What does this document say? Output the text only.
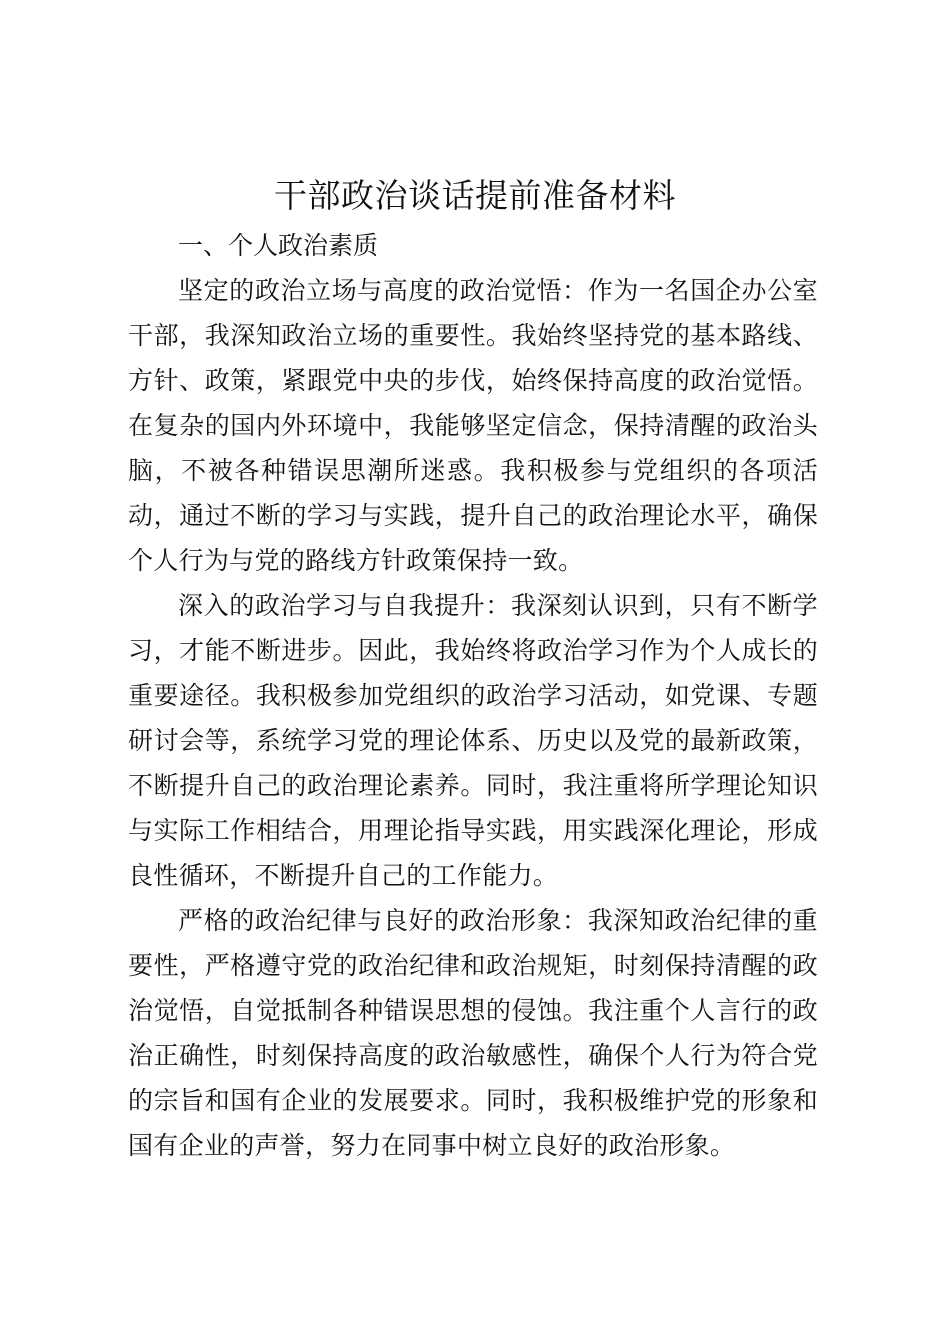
干部政治谈话提前准备材料

一、个人政治素质

坚定的政治立场与高度的政治觉悟：作为一名国企办公室干部，我深知政治立场的重要性。我始终坚持党的基本路线、方针、政策，紧跟党中央的步伐，始终保持高度的政治觉悟。在复杂的国内外环境中，我能够坚定信念，保持清醒的政治头脑，不被各种错误思潮所迷惑。我积极参与党组织的各项活动，通过不断的学习与实践，提升自己的政治理论水平，确保个人行为与党的路线方针政策保持一致。

深入的政治学习与自我提升：我深刻认识到，只有不断学习，才能不断进步。因此，我始终将政治学习作为个人成长的重要途径。我积极参加党组织的政治学习活动，如党课、专题研讨会等，系统学习党的理论体系、历史以及党的最新政策，不断提升自己的政治理论素养。同时，我注重将所学理论知识与实际工作相结合，用理论指导实践，用实践深化理论，形成良性循环，不断提升自己的工作能力。

严格的政治纪律与良好的政治形象：我深知政治纪律的重要性，严格遵守党的政治纪律和政治规矩，时刻保持清醒的政治觉悟，自觉抵制各种错误思想的侵蚀。我注重个人言行的政治正确性，时刻保持高度的政治敏感性，确保个人行为符合党的宗旨和国有企业的发展要求。同时，我积极维护党的形象和国有企业的声誉，努力在同事中树立良好的政治形象。
